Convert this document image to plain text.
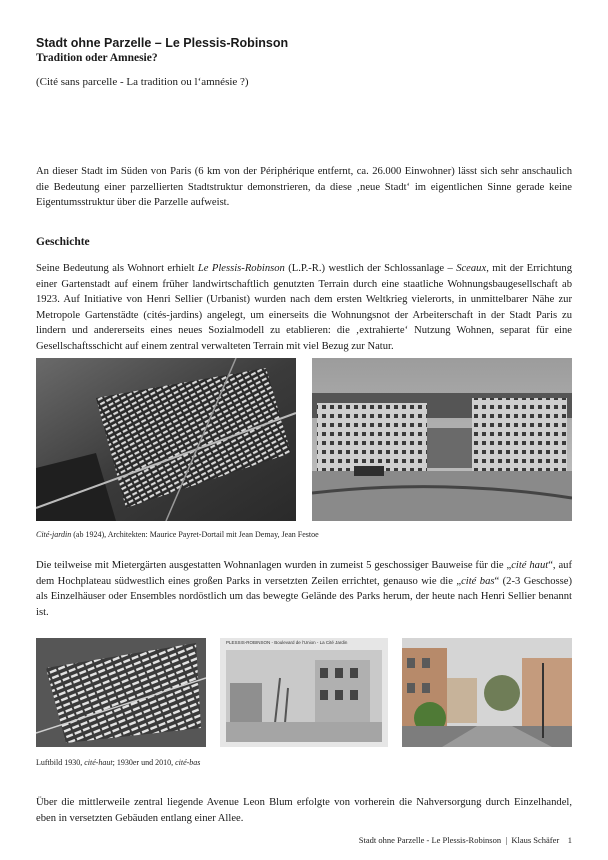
Stadt ohne Parzelle – Le Plessis-Robinson
Tradition oder Amnesie?
(Cité sans parcelle - La tradition ou l‘amnésie ?)
An dieser Stadt im Süden von Paris (6 km von der Périphérique entfernt, ca. 26.000 Einwohner) lässt sich sehr anschaulich die Bedeutung einer parzellierten Stadtstruktur demonstrieren, da diese ‚neue Stadt‘ im eigentlichen Sinne gerade keine Eigentumsstruktur über die Parzelle aufweist.
Geschichte
Seine Bedeutung als Wohnort erhielt Le Plessis-Robinson (L.P.-R.) westlich der Schlossanlage – Sceaux, mit der Errichtung einer Gartenstadt auf einem früher landwirtschaftlich genutzten Terrain durch eine staatliche Wohnungsbaugesellschaft ab 1923. Auf Initiative von Henri Sellier (Urbanist) wurden nach dem ersten Weltkrieg vielerorts, in unmittelbarer Nähe zur Metropole Gartenstädte (cités-jardins) angelegt, um einerseits die Wohnungsnot der Arbeiterschaft in der Stadt Paris zu lindern und andererseits eines neues Sozialmodell zu etablieren: die ‚extrahierte‘ Nutzung Wohnen, separat für eine Gesellschaftsschicht auf einem zentral verwalteten Terrain mit viel Bezug zur Natur.
Cité-jardin (ab 1924), Architekten: Maurice Payret-Dortail mit Jean Demay, Jean Festoe
Die teilweise mit Mietergärten ausgestatten Wohnanlagen wurden in zumeist 5 geschossiger Bauweise für die „cité haut“, auf dem Hochplateau südwestlich eines großen Parks in versetzten Zeilen errichtet, genauso wie die „cité bas“ (2-3 Geschosse) als Einzelhäuser oder Ensembles nordöstlich um das bewegte Gelände des Parks herum, der heute nach Henri Sellier benannt ist.
PLESSIS-ROBINSON - Boulevard de l'Union - La Cité Jardin
Luftbild 1930, cité-haut; 1930er und 2010, cité-bas
Über die mittlerweile zentral liegende Avenue Leon Blum erfolgte von vorherein die Nahversorgung durch Einzelhandel, eben in versetzten Gebäuden entlang einer Allee.
Stadt ohne Parzelle - Le Plessis-Robinson | Klaus Schäfer 1
